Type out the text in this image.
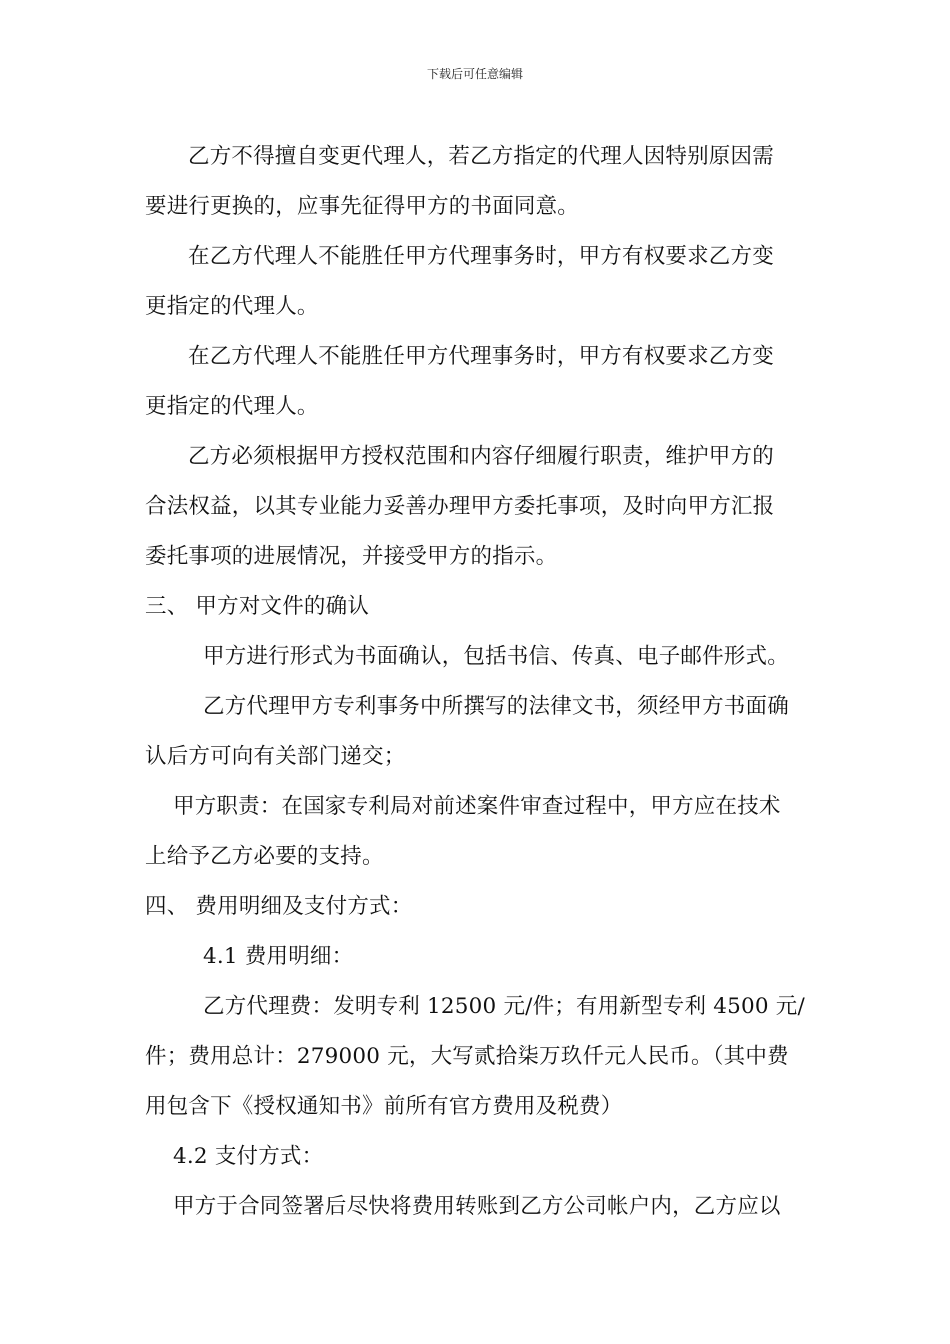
下载后可任意编辑

乙方不得擅自变更代理人，若乙方指定的代理人因特别原因需

要进行更换的，应事先征得甲方的书面同意。

在乙方代理人不能胜任甲方代理事务时，甲方有权要求乙方变

更指定的代理人。

在乙方代理人不能胜任甲方代理事务时，甲方有权要求乙方变

更指定的代理人。

乙方必须根据甲方授权范围和内容仔细履行职责，维护甲方的

合法权益，以其专业能力妥善办理甲方委托事项，及时向甲方汇报

委托事项的进展情况，并接受甲方的指示。

三、 甲方对文件的确认

甲方进行形式为书面确认，包括书信、传真、电子邮件形式。

乙方代理甲方专利事务中所撰写的法律文书，须经甲方书面确

认后方可向有关部门递交；

甲方职责：在国家专利局对前述案件审查过程中，甲方应在技术

上给予乙方必要的支持。

四、 费用明细及支付方式：

4.1 费用明细：

乙方代理费：发明专利 12500 元/件；有用新型专利 4500 元/

件；费用总计：279000 元，大写贰拾柒万玖仟元人民币。（其中费

用包含下《授权通知书》前所有官方费用及税费）

4.2 支付方式：

甲方于合同签署后尽快将费用转账到乙方公司帐户内，乙方应以
